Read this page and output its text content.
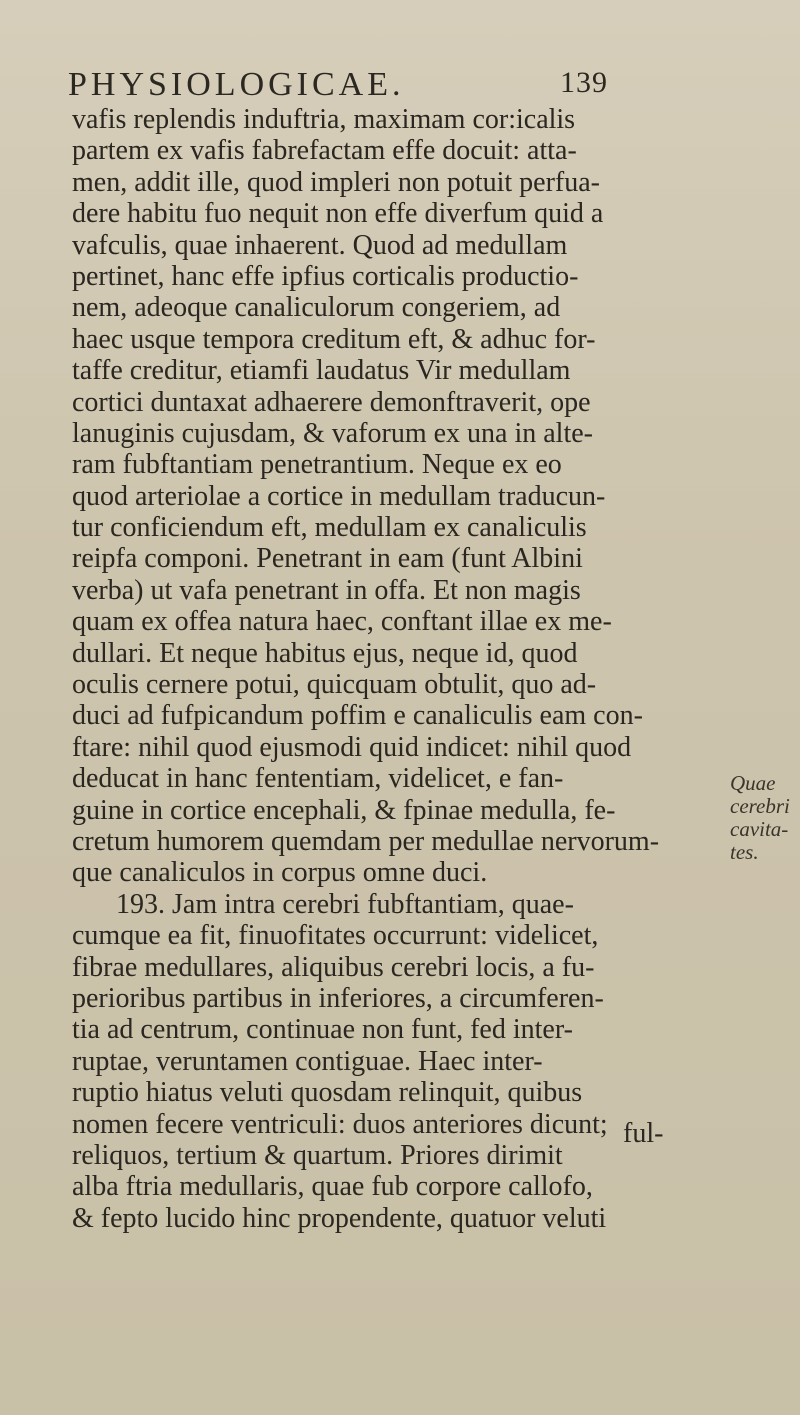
PHYSIOLOGICAE.	139
vafis replendis induftria, maximam cor:icalis
partem ex vafis fabrefactam effe docuit: atta-
men, addit ille, quod impleri non potuit perfua-
dere habitu fuo nequit non effe diverfum quid a
vafculis, quae inhaerent. Quod ad medullam
pertinet, hanc effe ipfius corticalis productio-
nem, adeoque canaliculorum congeriem, ad
haec usque tempora creditum eft, & adhuc for-
taffe creditur, etiamfi laudatus Vir medullam
cortici duntaxat adhaerere demonftraverit, ope
lanuginis cujusdam, & vaforum ex una in alte-
ram fubftantiam penetrantium. Neque ex eo
quod arteriolae a cortice in medullam traducun-
tur conficiendum eft, medullam ex canaliculis
reipfa componi. Penetrant in eam (funt Albini
verba) ut vafa penetrant in offa. Et non magis
quam ex offea natura haec, conftant illae ex me-
dullari. Et neque habitus ejus, neque id, quod
oculis cernere potui, quicquam obtulit, quo ad-
duci ad fufpicandum poffim e canaliculis eam con-
ftare: nihil quod ejusmodi quid indicet: nihil quod
deducat in hanc fententiam, videlicet, e fan-
guine in cortice encephali, & fpinae medulla, fe-
cretum humorem quemdam per medullae nervorum-
que canaliculos in corpus omne duci.
193. Jam intra cerebri fubftantiam, quae-
cumque ea fit, finuofitates occurrunt: videlicet,
fibrae medullares, aliquibus cerebri locis, a fu-
perioribus partibus in inferiores, a circumferen-
tia ad centrum, continuae non funt, fed inter-
ruptae, veruntamen contiguae. Haec inter-
ruptio hiatus veluti quosdam relinquit, quibus
nomen fecere ventriculi: duos anteriores dicunt;
reliquos, tertium & quartum. Priores dirimit
alba ftria medullaris, quae fub corpore callofo,
& fepto lucido hinc propendente, quatuor veluti
Quae
cerebri
cavita-
tes.
ful-
